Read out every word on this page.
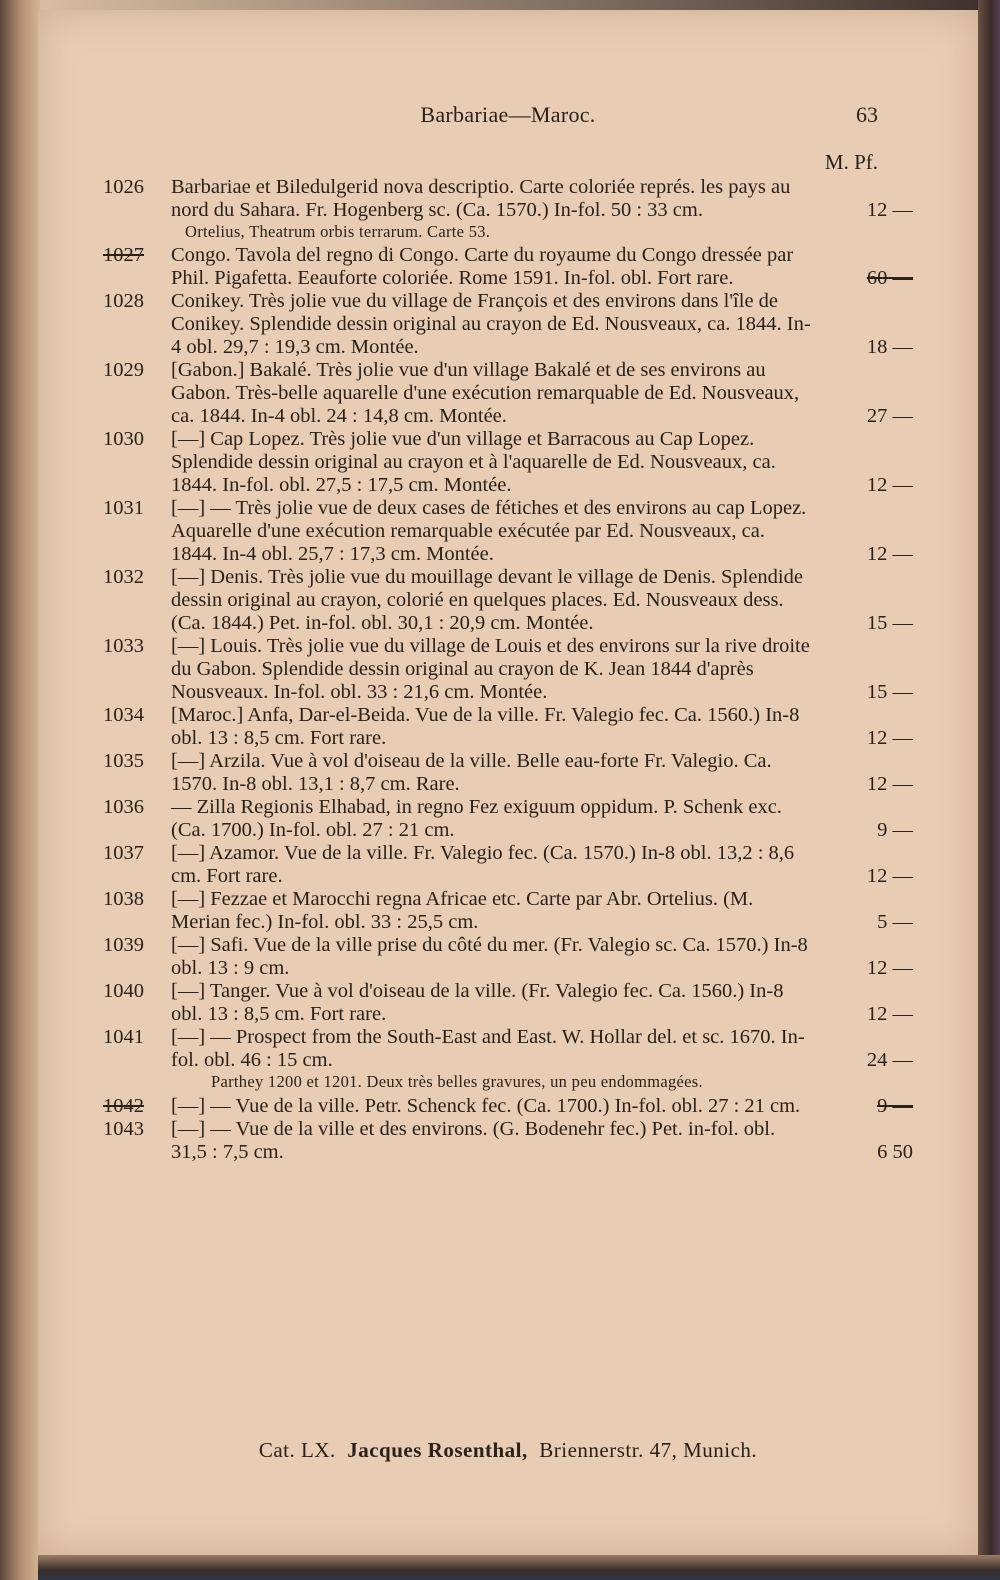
Barbariae—Maroc.	63
M. Pf.
1026	Barbariae et Biledulgerid nova descriptio. Carte coloriée représ. les pays au nord du Sahara. Fr. Hogenberg sc. (Ca. 1570.) In-fol. 50 : 33 cm.	12 —
Ortelius, Theatrum orbis terrarum. Carte 53.
1027	Congo. Tavola del regno di Congo. Carte du royaume du Congo dressée par Phil. Pigafetta. Eeauforte coloriée. Rome 1591. In-fol. obl. Fort rare.	60 —
1028	Conikey. Très jolie vue du village de François et des environs dans l'île de Conikey. Splendide dessin original au crayon de Ed. Nousveaux, ca. 1844. In-4 obl. 29,7 : 19,3 cm. Montée.	18 —
1029	[Gabon.] Bakalé. Très jolie vue d'un village Bakalé et de ses environs au Gabon. Très-belle aquarelle d'une exécution remarquable de Ed. Nousveaux, ca. 1844. In-4 obl. 24 : 14,8 cm. Montée.	27 —
1030	[—] Cap Lopez. Très jolie vue d'un village et Barracous au Cap Lopez. Splendide dessin original au crayon et à l'aquarelle de Ed. Nousveaux, ca. 1844. In-fol. obl. 27,5 : 17,5 cm. Montée.	12 —
1031	[—] — Très jolie vue de deux cases de fétiches et des environs au cap Lopez. Aquarelle d'une exécution remarquable exécutée par Ed. Nousveaux, ca. 1844. In-4 obl. 25,7 : 17,3 cm. Montée.	12 —
1032	[—] Denis. Très jolie vue du mouillage devant le village de Denis. Splendide dessin original au crayon, colorié en quelques places. Ed. Nousveaux dess. (Ca. 1844.) Pet. in-fol. obl. 30,1 : 20,9 cm. Montée.	15 —
1033	[—] Louis. Très jolie vue du village de Louis et des environs sur la rive droite du Gabon. Splendide dessin original au crayon de K. Jean 1844 d'après Nousveaux. In-fol. obl. 33 : 21,6 cm. Montée.	15 —
1034	[Maroc.] Anfa, Dar-el-Beida. Vue de la ville. Fr. Valegio fec. Ca. 1560.) In-8 obl. 13 : 8,5 cm. Fort rare.	12 —
1035	[—] Arzila. Vue à vol d'oiseau de la ville. Belle eau-forte Fr. Valegio. Ca. 1570. In-8 obl. 13,1 : 8,7 cm. Rare.	12 —
1036	— Zilla Regionis Elhabad, in regno Fez exiguum oppidum. P. Schenk exc. (Ca. 1700.) In-fol. obl. 27 : 21 cm.	9 —
1037	[—] Azamor. Vue de la ville. Fr. Valegio fec. (Ca. 1570.) In-8 obl. 13,2 : 8,6 cm. Fort rare.	12 —
1038	[—] Fezzae et Marocchi regna Africae etc. Carte par Abr. Ortelius. (M. Merian fec.) In-fol. obl. 33 : 25,5 cm.	5 —
1039	[—] Safi. Vue de la ville prise du côté du mer. (Fr. Valegio sc. Ca. 1570.) In-8 obl. 13 : 9 cm.	12 —
1040	[—] Tanger. Vue à vol d'oiseau de la ville. (Fr. Valegio fec. Ca. 1560.) In-8 obl. 13 : 8,5 cm. Fort rare.	12 —
1041	[—] — Prospect from the South-East and East. W. Hollar del. et sc. 1670. In-fol. obl. 46 : 15 cm.	24 —
Parthey 1200 et 1201. Deux très belles gravures, un peu endommagées.
1042	[—] — Vue de la ville. Petr. Schenck fec. (Ca. 1700.) In-fol. obl. 27 : 21 cm.	9 —
1043	[—] — Vue de la ville et des environs. (G. Bodenehr fec.) Pet. in-fol. obl. 31,5 : 7,5 cm.	6 50
Cat. LX. Jacques Rosenthal, Briennerstr. 47, Munich.
